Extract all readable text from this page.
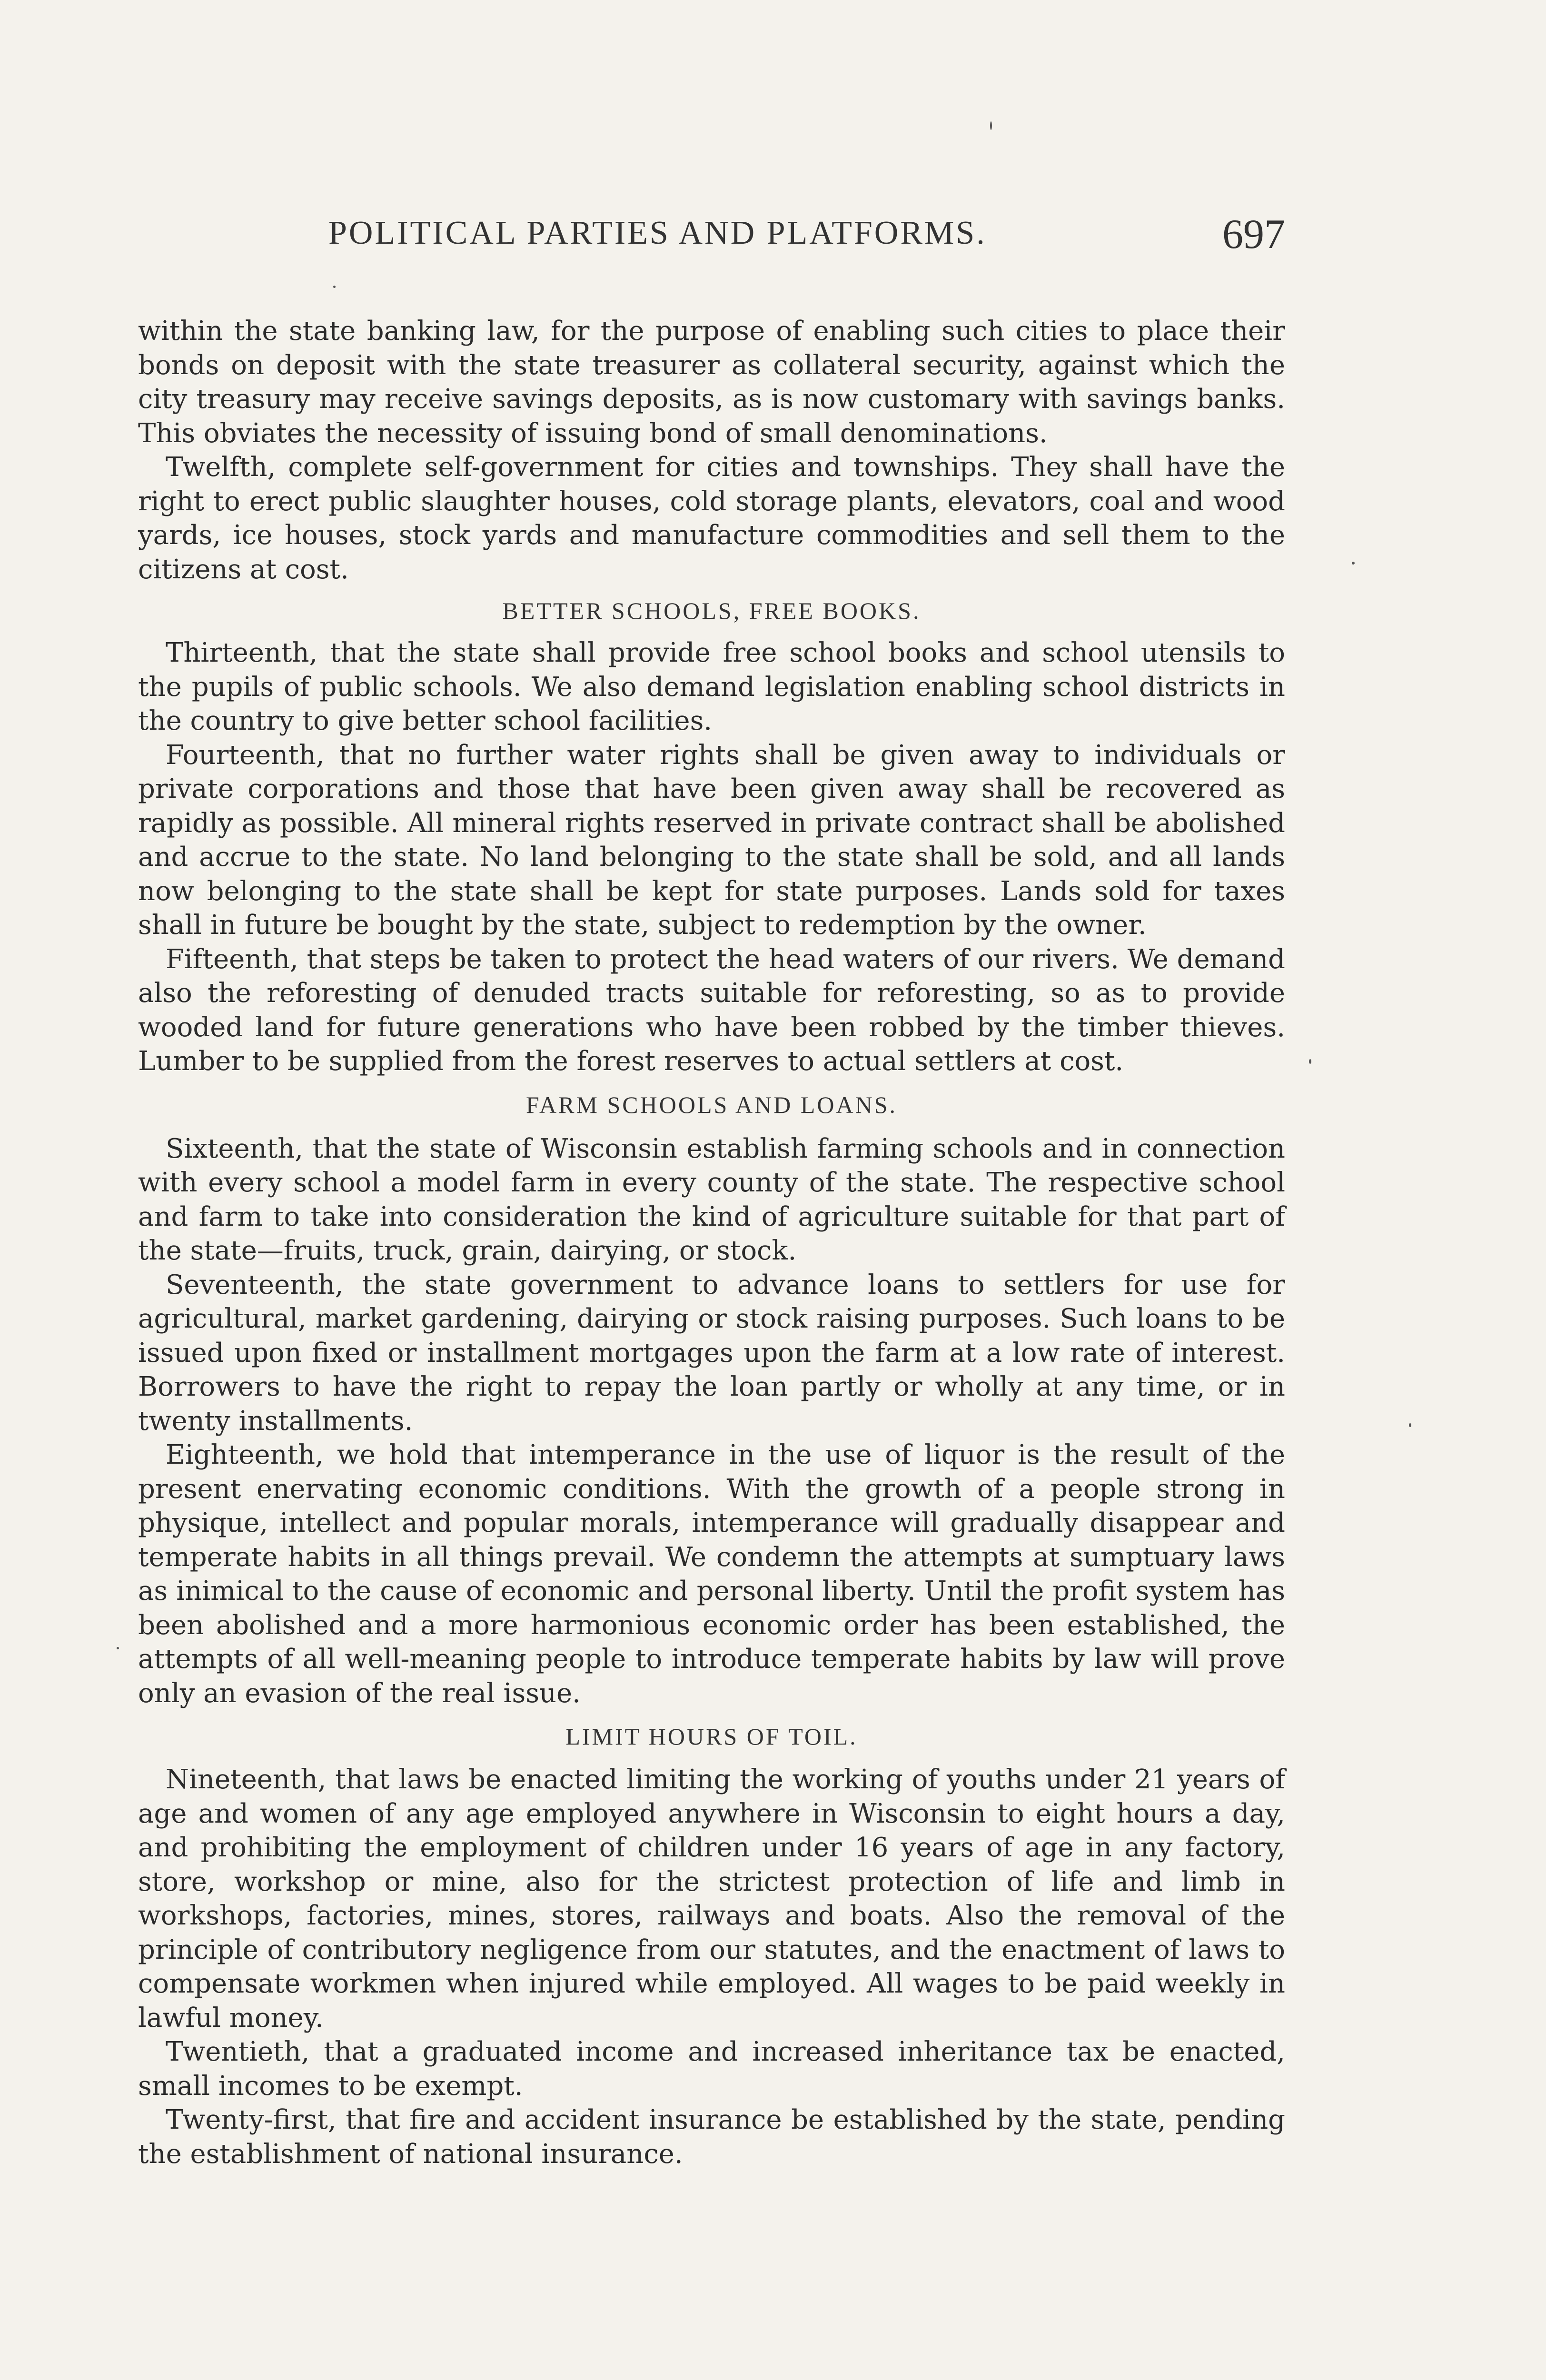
POLITICAL PARTIES AND PLATFORMS.	697

within the state banking law, for the purpose of enabling such cities to place their bonds on deposit with the state treasurer as collateral security, against which the city treasury may receive savings deposits, as is now customary with savings banks. This obviates the necessity of issuing bond of small denominations.

Twelfth, complete self-government for cities and townships. They shall have the right to erect public slaughter houses, cold storage plants, elevators, coal and wood yards, ice houses, stock yards and manufacture commodities and sell them to the citizens at cost.

BETTER SCHOOLS, FREE BOOKS.

Thirteenth, that the state shall provide free school books and school utensils to the pupils of public schools. We also demand legislation enabling school districts in the country to give better school facilities.

Fourteenth, that no further water rights shall be given away to individuals or private corporations and those that have been given away shall be recovered as rapidly as possible. All mineral rights reserved in private contract shall be abolished and accrue to the state. No land belonging to the state shall be sold, and all lands now belonging to the state shall be kept for state purposes. Lands sold for taxes shall in future be bought by the state, subject to redemption by the owner.

Fifteenth, that steps be taken to protect the head waters of our rivers. We demand also the reforesting of denuded tracts suitable for reforesting, so as to provide wooded land for future generations who have been robbed by the timber thieves. Lumber to be supplied from the forest reserves to actual settlers at cost.

FARM SCHOOLS AND LOANS.

Sixteenth, that the state of Wisconsin establish farming schools and in connection with every school a model farm in every county of the state. The respective school and farm to take into consideration the kind of agriculture suitable for that part of the state—fruits, truck, grain, dairying, or stock.

Seventeenth, the state government to advance loans to settlers for use for agricultural, market gardening, dairying or stock raising purposes. Such loans to be issued upon fixed or installment mortgages upon the farm at a low rate of interest. Borrowers to have the right to repay the loan partly or wholly at any time, or in twenty installments.

Eighteenth, we hold that intemperance in the use of liquor is the result of the present enervating economic conditions. With the growth of a people strong in physique, intellect and popular morals, intemperance will gradually disappear and temperate habits in all things prevail. We condemn the attempts at sumptuary laws as inimical to the cause of economic and personal liberty. Until the profit system has been abolished and a more harmonious economic order has been established, the attempts of all well-meaning people to introduce temperate habits by law will prove only an evasion of the real issue.

LIMIT HOURS OF TOIL.

Nineteenth, that laws be enacted limiting the working of youths under 21 years of age and women of any age employed anywhere in Wisconsin to eight hours a day, and prohibiting the employment of children under 16 years of age in any factory, store, workshop or mine, also for the strictest protection of life and limb in workshops, factories, mines, stores, railways and boats. Also the removal of the principle of contributory negligence from our statutes, and the enactment of laws to compensate workmen when injured while employed. All wages to be paid weekly in lawful money.

Twentieth, that a graduated income and increased inheritance tax be enacted, small incomes to be exempt.

Twenty-first, that fire and accident insurance be established by the state, pending the establishment of national insurance.
